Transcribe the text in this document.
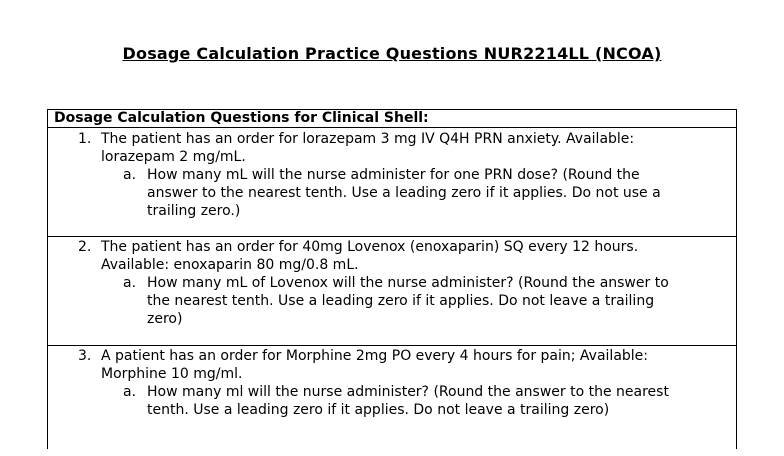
Dosage Calculation Practice Questions NUR2214LL (NCOA)
Dosage Calculation Questions for Clinical Shell:
1. The patient has an order for lorazepam 3 mg IV Q4H PRN anxiety. Available:
lorazepam 2 mg/mL.
a. How many mL will the nurse administer for one PRN dose? (Round the
answer to the nearest tenth. Use a leading zero if it applies. Do not use a
trailing zero.)
2. The patient has an order for 40mg Lovenox (enoxaparin) SQ every 12 hours.
Available: enoxaparin 80 mg/0.8 mL.
a. How many mL of Lovenox will the nurse administer? (Round the answer to
the nearest tenth. Use a leading zero if it applies. Do not leave a trailing
zero)
3. A patient has an order for Morphine 2mg PO every 4 hours for pain; Available:
Morphine 10 mg/ml.
a. How many ml will the nurse administer? (Round the answer to the nearest
tenth. Use a leading zero if it applies. Do not leave a trailing zero)
